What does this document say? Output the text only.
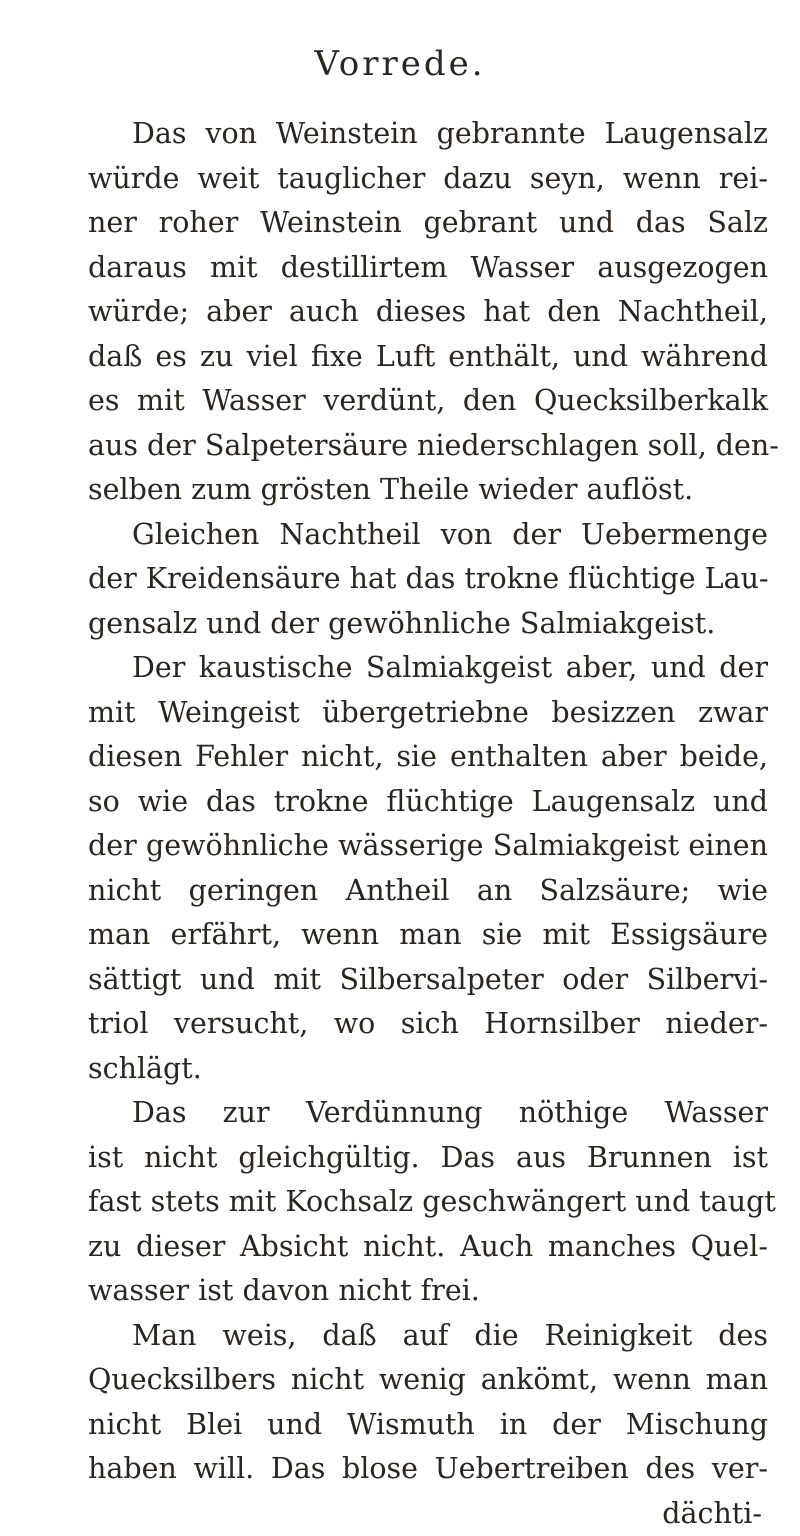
Vorrede.
Das von Weinstein gebrannte Laugensalz
würde weit tauglicher dazu seyn, wenn rei-
ner roher Weinstein gebrant und das Salz
daraus mit destillirtem Wasser ausgezogen
würde; aber auch dieses hat den Nachtheil,
daß es zu viel fixe Luft enthält, und während
es mit Wasser verdünt, den Quecksilberkalk
aus der Salpetersäure niederschlagen soll, den-
selben zum grösten Theile wieder auflöst.
Gleichen Nachtheil von der Uebermenge
der Kreidensäure hat das trokne flüchtige Lau-
gensalz und der gewöhnliche Salmiakgeist.
Der kaustische Salmiakgeist aber, und der
mit Weingeist übergetriebne besizzen zwar
diesen Fehler nicht, sie enthalten aber beide,
so wie das trokne flüchtige Laugensalz und
der gewöhnliche wässerige Salmiakgeist einen
nicht geringen Antheil an Salzsäure; wie
man erfährt, wenn man sie mit Essigsäure
sättigt und mit Silbersalpeter oder Silbervi-
triol versucht, wo sich Hornsilber nieder-
schlägt.
Das zur Verdünnung nöthige Wasser
ist nicht gleichgültig. Das aus Brunnen ist
fast stets mit Kochsalz geschwängert und taugt
zu dieser Absicht nicht. Auch manches Quel-
wasser ist davon nicht frei.
Man weis, daß auf die Reinigkeit des
Quecksilbers nicht wenig ankömt, wenn man
nicht Blei und Wismuth in der Mischung
haben will. Das blose Uebertreiben des ver-
dächti-
